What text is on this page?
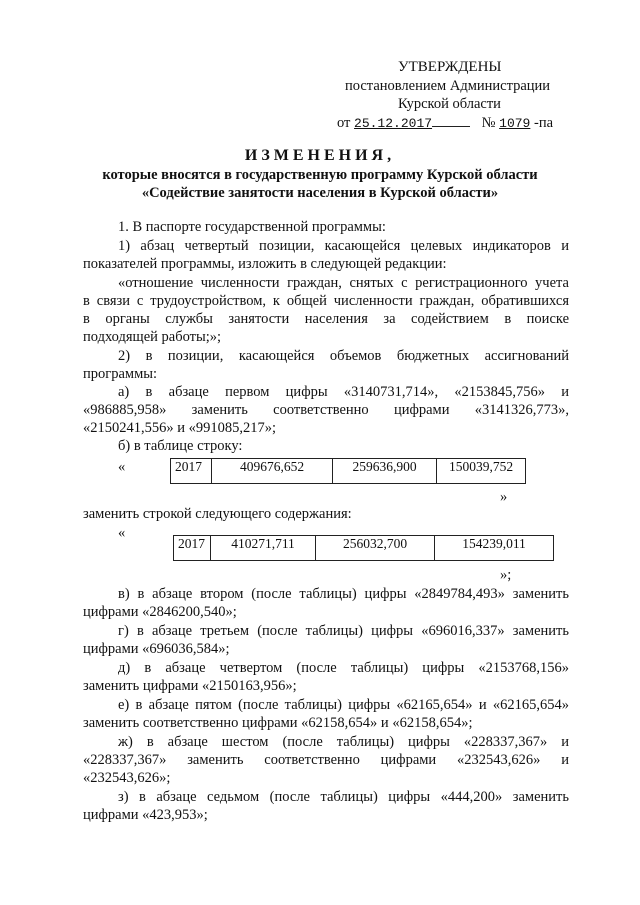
УТВЕРЖДЕНЫ
постановлением Администрации
Курской области
от 25.12.2017	№ 1079 -па
ИЗМЕНЕНИЯ,
которые вносятся в государственную программу Курской области
«Содействие занятости населения в Курской области»
1. В паспорте государственной программы:
1) абзац четвертый позиции, касающейся целевых индикаторов и
показателей программы, изложить в следующей редакции:
«отношение численности граждан, снятых с регистрационного учета
в связи с трудоустройством, к общей численности граждан, обратившихся
в органы службы занятости населения за содействием в поиске
подходящей работы;»;
2) в позиции, касающейся объемов бюджетных ассигнований
программы:
а) в абзаце первом цифры «3140731,714», «2153845,756» и
«986885,958» заменить соответственно цифрами «3141326,773»,
«2150241,556» и «991085,217»;
б) в таблице строку:
«	2017	409676,652	259636,900	150039,752
»
заменить строкой следующего содержания:
«
2017	410271,711	256032,700	154239,011
»;
в) в абзаце втором (после таблицы) цифры «2849784,493» заменить
цифрами «2846200,540»;
г) в абзаце третьем (после таблицы) цифры «696016,337» заменить
цифрами «696036,584»;
д) в абзаце четвертом (после таблицы) цифры «2153768,156»
заменить цифрами «2150163,956»;
е) в абзаце пятом (после таблицы) цифры «62165,654» и «62165,654»
заменить соответственно цифрами «62158,654» и «62158,654»;
ж) в абзаце шестом (после таблицы) цифры «228337,367» и
«228337,367» заменить соответственно цифрами «232543,626» и
«232543,626»;
з) в абзаце седьмом (после таблицы) цифры «444,200» заменить
цифрами «423,953»;
